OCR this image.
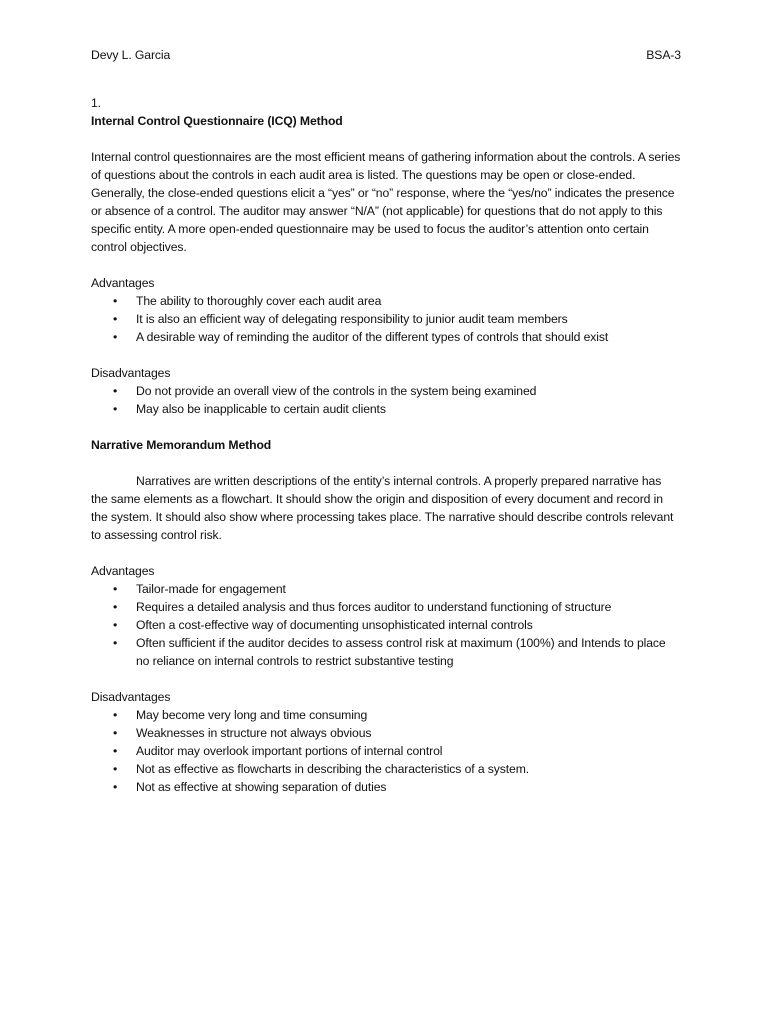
Devy L. Garcia	BSA-3
1.
Internal Control Questionnaire (ICQ) Method

Internal control questionnaires are the most efficient means of gathering information about the controls. A series of questions about the controls in each audit area is listed. The questions may be open or close-ended. Generally, the close-ended questions elicit a “yes” or “no” response, where the “yes/no” indicates the presence or absence of a control. The auditor may answer “N/A” (not applicable) for questions that do not apply to this specific entity. A more open-ended questionnaire may be used to focus the auditor’s attention onto certain control objectives.

Advantages
• The ability to thoroughly cover each audit area
• It is also an efficient way of delegating responsibility to junior audit team members
• A desirable way of reminding the auditor of the different types of controls that should exist
Disadvantages
• Do not provide an overall view of the controls in the system being examined
• May also be inapplicable to certain audit clients
Narrative Memorandum Method

Narratives are written descriptions of the entity’s internal controls. A properly prepared narrative has the same elements as a flowchart. It should show the origin and disposition of every document and record in the system. It should also show where processing takes place. The narrative should describe controls relevant to assessing control risk.

Advantages
• Tailor-made for engagement
• Requires a detailed analysis and thus forces auditor to understand functioning of structure
• Often a cost-effective way of documenting unsophisticated internal controls
• Often sufficient if the auditor decides to assess control risk at maximum (100%) and Intends to place no reliance on internal controls to restrict substantive testing
Disadvantages
• May become very long and time consuming
• Weaknesses in structure not always obvious
• Auditor may overlook important portions of internal control
• Not as effective as flowcharts in describing the characteristics of a system.
• Not as effective at showing separation of duties
